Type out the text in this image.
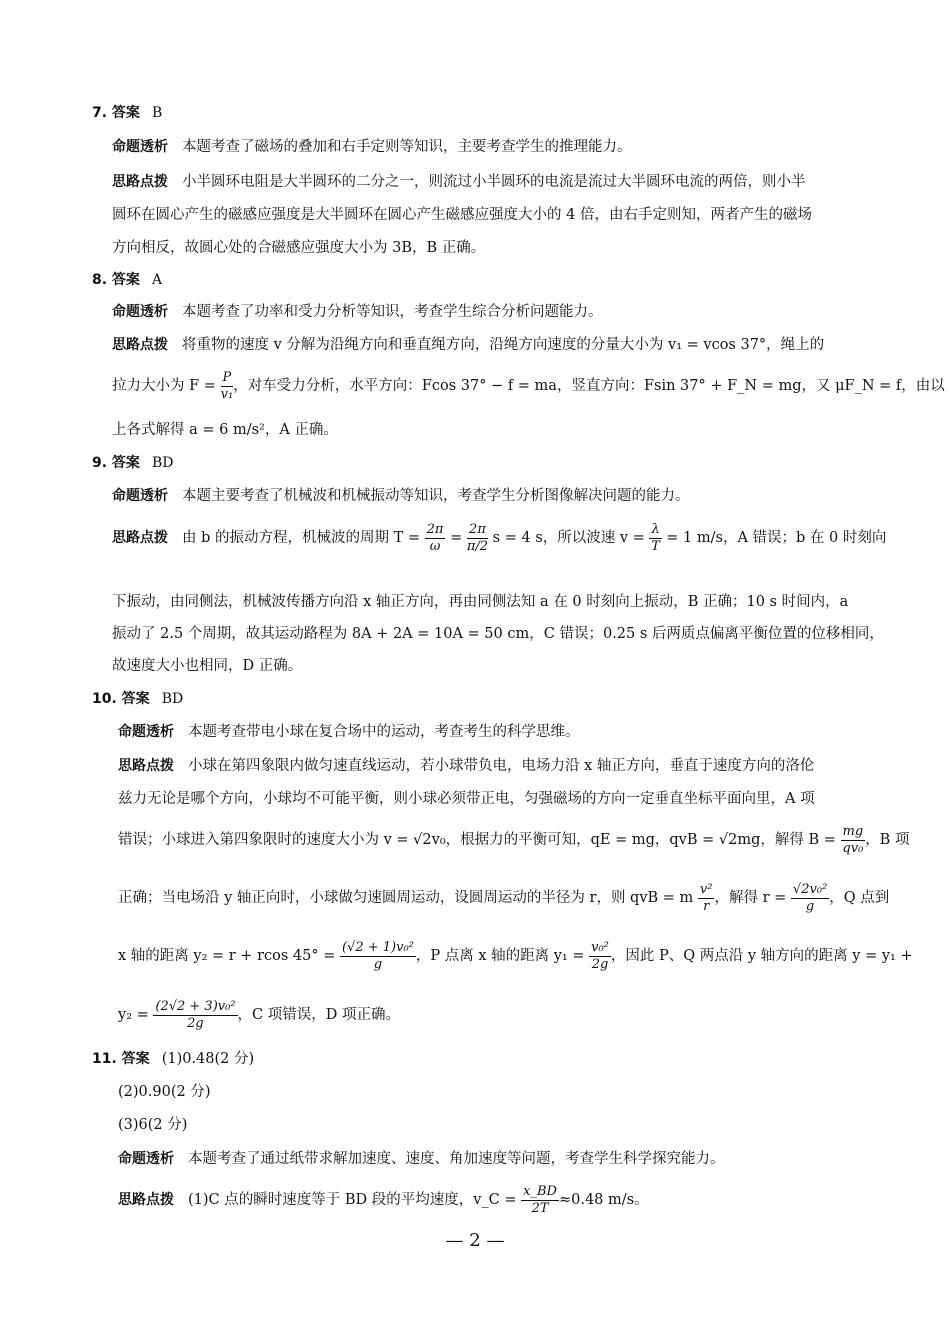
7. 答案 B
命题透析 本题考查了磁场的叠加和右手定则等知识，主要考查学生的推理能力。
思路点拨 小半圆环电阻是大半圆环的二分之一，则流过小半圆环的电流是流过大半圆环电流的两倍，则小半
圆环在圆心产生的磁感应强度是大半圆环在圆心产生磁感应强度大小的 4 倍，由右手定则知，两者产生的磁场
方向相反，故圆心处的合磁感应强度大小为 3B，B 正确。
8. 答案 A
命题透析 本题考查了功率和受力分析等知识，考查学生综合分析问题能力。
思路点拨 将重物的速度 v 分解为沿绳方向和垂直绳方向，沿绳方向速度的分量大小为 v₁ = vcos 37°，绳上的
拉力大小为 $F = \frac{P}{\text{v₁}}$ ，对车受力分析，水平方向：Fcos 37° − f = ma，竖直方向：Fsin 37° + F_N = mg，又 μF_N = f，由以
上各式解得 a = 6 m/s²，A 正确。
9. 答案 BD
命题透析 本题主要考查了机械波和机械振动等知识，考查学生分析图像解决问题的能力。
思路点拨 由 b 的振动方程，机械波的周期 $T = \frac{2\pi}{\omega} = \frac{2\pi}{\pi/2}$ s = 4 s，所以波速 $v = \frac{\lambda}{T} = 1$ m/s，A 错误；b 在 0 时刻向
下振动，由同侧法，机械波传播方向沿 x 轴正方向，再由同侧法知 a 在 0 时刻向上振动，B 正确；10 s 时间内，a
振动了 2.5 个周期，故其运动路程为 8A + 2A = 10A = 50 cm，C 错误；0.25 s 后两质点偏离平衡位置的位移相同，
故速度大小也相同，D 正确。
10. 答案 BD
命题透析 本题考查带电小球在复合场中的运动，考查考生的科学思维。
思路点拨 小球在第四象限内做匀速直线运动，若小球带负电，电场力沿 x 轴正方向，垂直于速度方向的洛伦
兹力无论是哪个方向，小球均不可能平衡，则小球必须带正电，匀强磁场的方向一定垂直坐标平面向里，A 项
错误；小球进入第四象限时的速度大小为 v = √2v₀，根据力的平衡可知，qE = mg，qvB = √2mg，解得 $B = \frac{mg}{\text{qv₀}}$ ，B 项
正确；当电场沿 y 轴正向时，小球做匀速圆周运动，设圆周运动的半径为 r，则 qvB = m $\frac{\text{v²}}{r}$ ，解得 $r = \frac{\text{√2v₀²}}{g}$ ，Q 点到
x 轴的距离 y₂ = r + rcos $45^\circ = \frac{\text{(√2 + 1)v₀²}}{g}$ ，P 点离 x 轴的距离 $y_1 = \frac{\text{v₀²}}{2g}$ ，因此 P、Q 两点沿 y 轴方向的距离 y = y₁ +
$y_2 = \frac{\text{(2√2 + 3)v₀²}}{2g}$ ，C 项错误，D 项正确。
11. 答案 (1)0.48(2 分)
(2)0.90(2 分)
(3)6(2 分)
命题透析 本题考查了通过纸带求解加速度、速度、角加速度等问题，考查学生科学探究能力。
思路点拨 (1)C 点的瞬时速度等于 BD 段的平均速度，v_C = $\frac{x\_BD}{2T} \approx 0.48$ m/s。
— 2 —
